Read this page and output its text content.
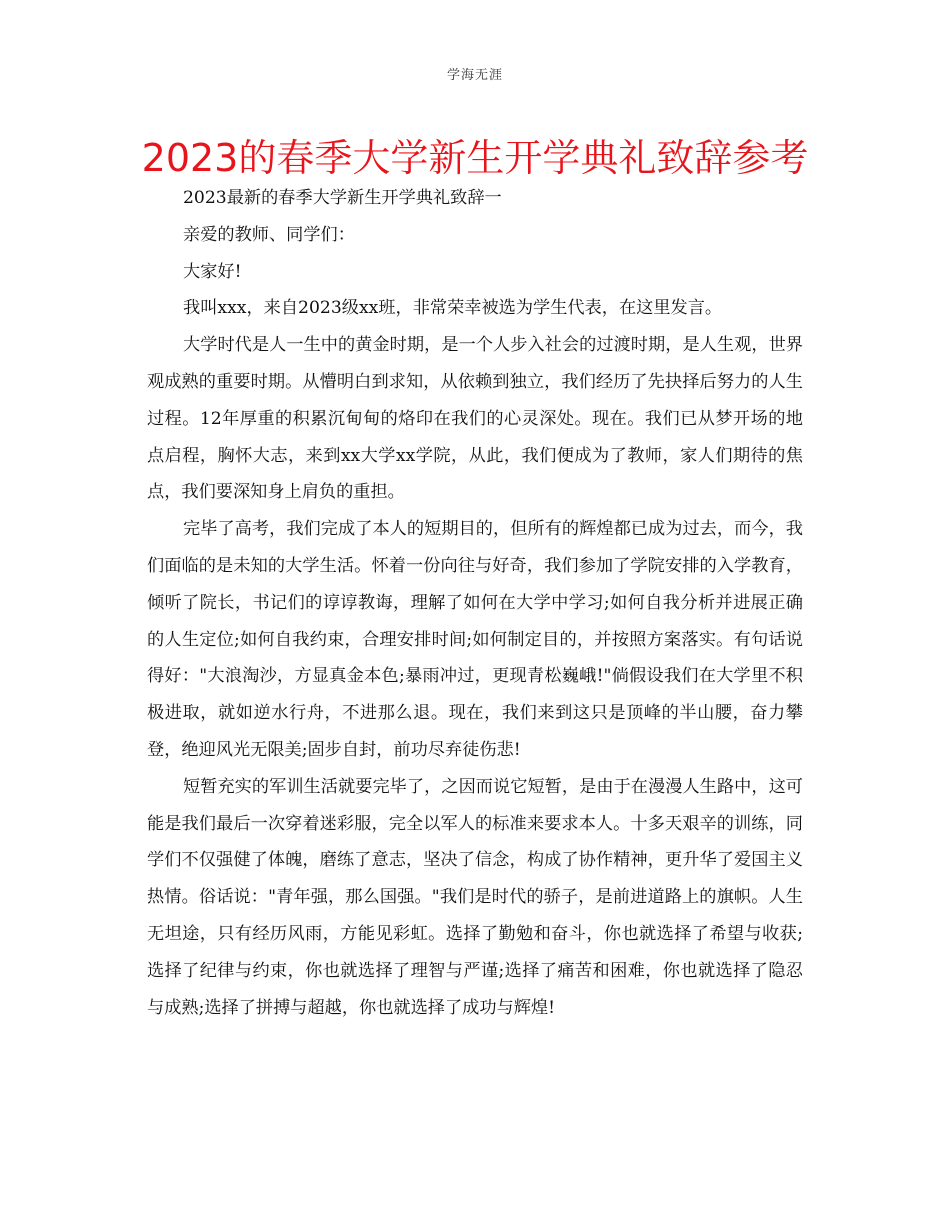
学海无涯
2023的春季大学新生开学典礼致辞参考

2023最新的春季大学新生开学典礼致辞一

亲爱的教师、同学们：

大家好!

我叫xxx，来自2023级xx班，非常荣幸被选为学生代表，在这里发言。

大学时代是人一生中的黄金时期，是一个人步入社会的过渡时期，是人生观，世界观成熟的重要时期。从懵明白到求知，从依赖到独立，我们经历了先抉择后努力的人生过程。12年厚重的积累沉甸甸的烙印在我们的心灵深处。现在。我们已从梦开场的地点启程，胸怀大志，来到xx大学xx学院，从此，我们便成为了教师，家人们期待的焦点，我们要深知身上肩负的重担。

完毕了高考，我们完成了本人的短期目的，但所有的辉煌都已成为过去，而今，我们面临的是未知的大学生活。怀着一份向往与好奇，我们参加了学院安排的入学教育，倾听了院长，书记们的谆谆教诲，理解了如何在大学中学习;如何自我分析并进展正确的人生定位;如何自我约束，合理安排时间;如何制定目的，并按照方案落实。有句话说得好："大浪淘沙，方显真金本色;暴雨冲过，更现青松巍峨!"倘假设我们在大学里不积极进取，就如逆水行舟，不进那么退。现在，我们来到这只是顶峰的半山腰，奋力攀登，绝迎风光无限美;固步自封，前功尽弃徒伤悲!

短暂充实的军训生活就要完毕了，之因而说它短暂，是由于在漫漫人生路中，这可能是我们最后一次穿着迷彩服，完全以军人的标准来要求本人。十多天艰辛的训练，同学们不仅强健了体魄，磨练了意志，坚决了信念，构成了协作精神，更升华了爱国主义热情。俗话说："青年强，那么国强。"我们是时代的骄子，是前进道路上的旗帜。人生无坦途，只有经历风雨，方能见彩虹。选择了勤勉和奋斗，你也就选择了希望与收获;选择了纪律与约束，你也就选择了理智与严谨;选择了痛苦和困难，你也就选择了隐忍与成熟;选择了拼搏与超越，你也就选择了成功与辉煌!
